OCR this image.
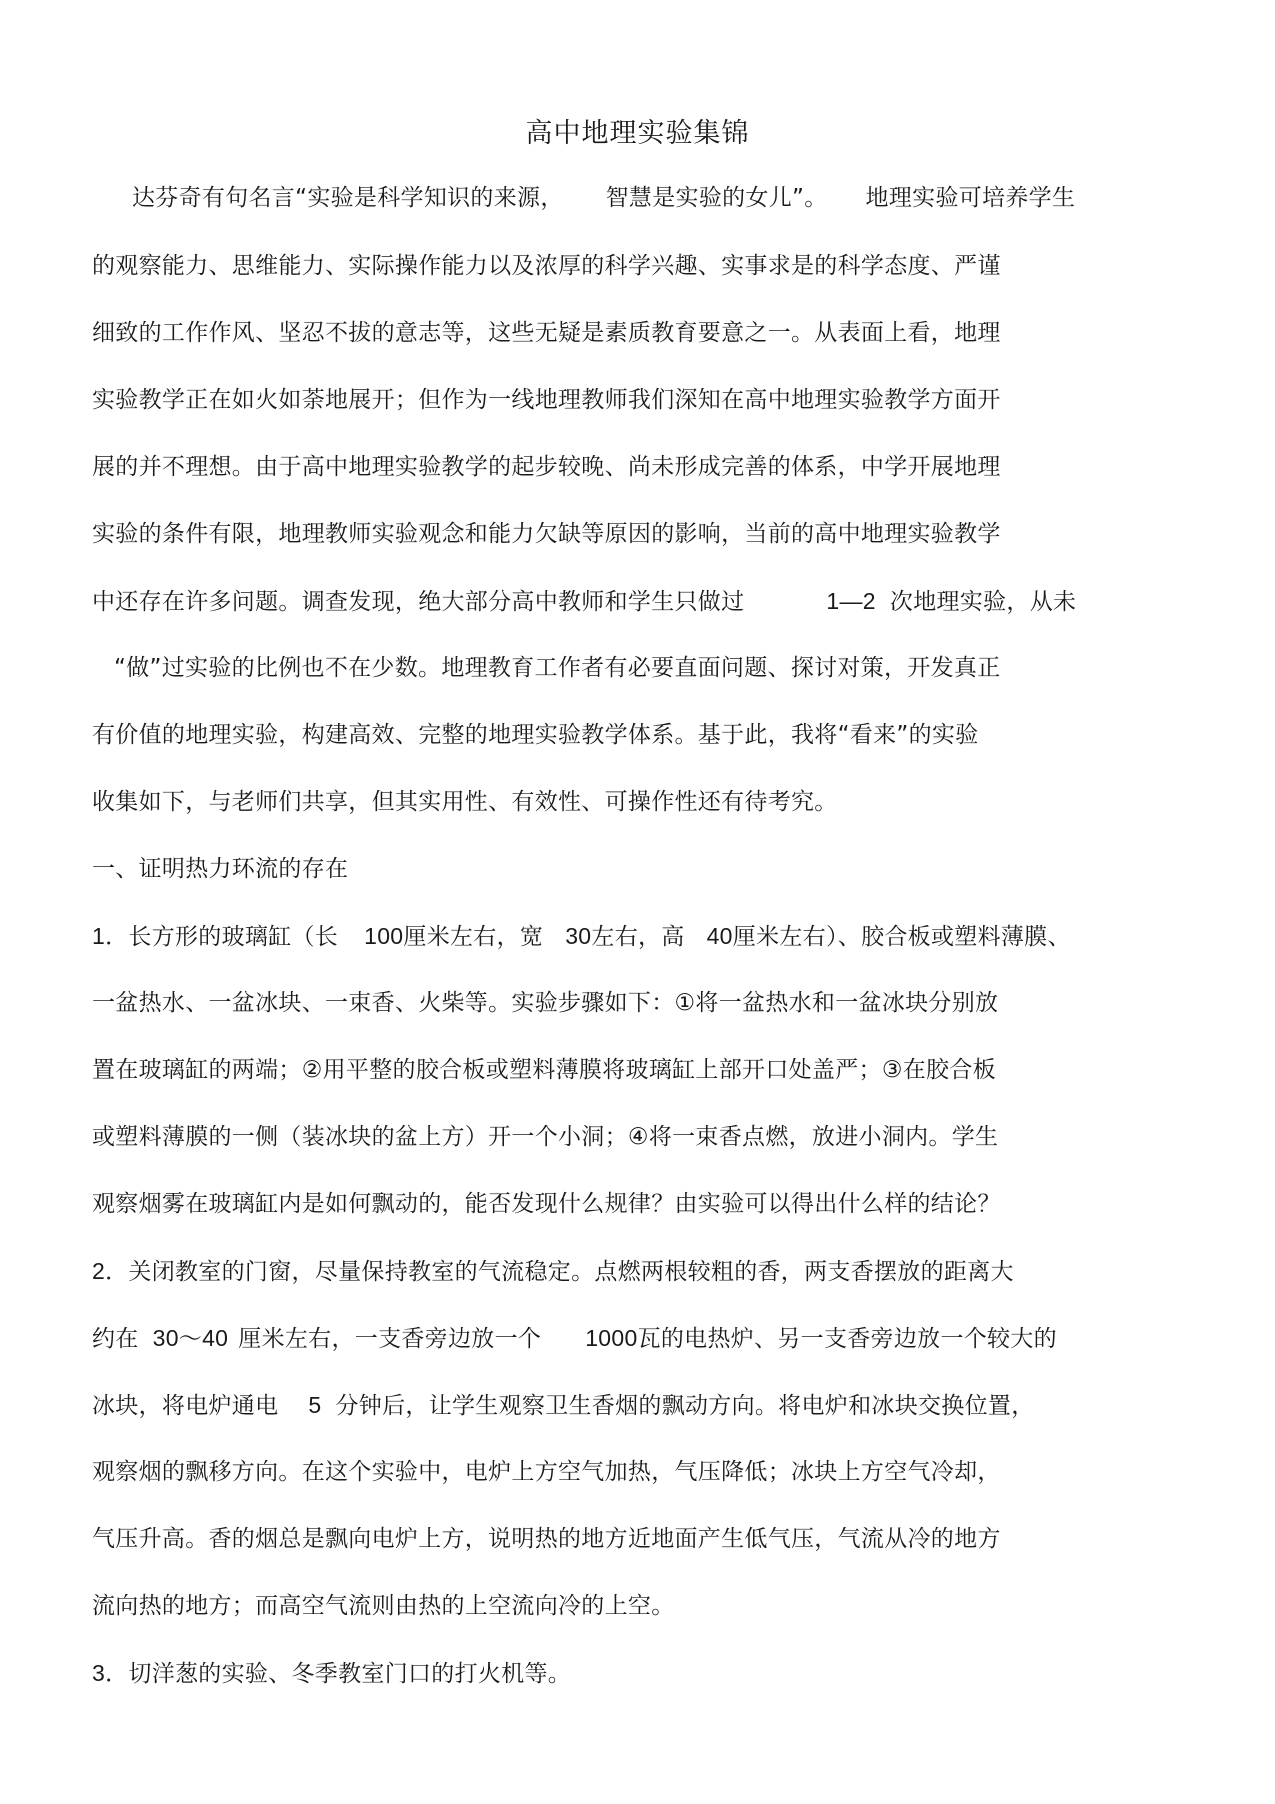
高中地理实验集锦
达芬奇有句名言“实验是科学知识的来源， 智慧是实验的女儿”。 地理实验可培养学生
的观察能力、思维能力、实际操作能力以及浓厚的科学兴趣、实事求是的科学态度、严谨
细致的工作作风、坚忍不拔的意志等，这些无疑是素质教育要意之一。从表面上看，地理
实验教学正在如火如荼地展开；但作为一线地理教师我们深知在高中地理实验教学方面开
展的并不理想。由于高中地理实验教学的起步较晚、尚未形成完善的体系，中学开展地理
实验的条件有限，地理教师实验观念和能力欠缺等原因的影响，当前的高中地理实验教学
中还存在许多问题。调查发现，绝大部分高中教师和学生只做过	1—2 次地理实验，从未
“做”过实验的比例也不在少数。地理教育工作者有必要直面问题、探讨对策，开发真正
有价值的地理实验，构建高效、完整的地理实验教学体系。基于此，我将“看来”的实验
收集如下，与老师们共享，但其实用性、有效性、可操作性还有待考究。
一、证明热力环流的存在
1．长方形的玻璃缸（长 100厘米左右，宽 30左右，高 40厘米左右）、胶合板或塑料薄膜、
一盆热水、一盆冰块、一束香、火柴等。实验步骤如下：①将一盆热水和一盆冰块分别放
置在玻璃缸的两端；②用平整的胶合板或塑料薄膜将玻璃缸上部开口处盖严；③在胶合板
或塑料薄膜的一侧（装冰块的盆上方）开一个小洞；④将一束香点燃，放进小洞内。学生
观察烟雾在玻璃缸内是如何飘动的，能否发现什么规律？由实验可以得出什么样的结论？
2．关闭教室的门窗，尽量保持教室的气流稳定。点燃两根较粗的香，两支香摆放的距离大
约在 30～40 厘米左右，一支香旁边放一个 1000瓦的电热炉、另一支香旁边放一个较大的
冰块，将电炉通电 5 分钟后，让学生观察卫生香烟的飘动方向。将电炉和冰块交换位置，
观察烟的飘移方向。在这个实验中，电炉上方空气加热，气压降低；冰块上方空气冷却，
气压升高。香的烟总是飘向电炉上方，说明热的地方近地面产生低气压，气流从冷的地方
流向热的地方；而高空气流则由热的上空流向冷的上空。
3．切洋葱的实验、冬季教室门口的打火机等。
